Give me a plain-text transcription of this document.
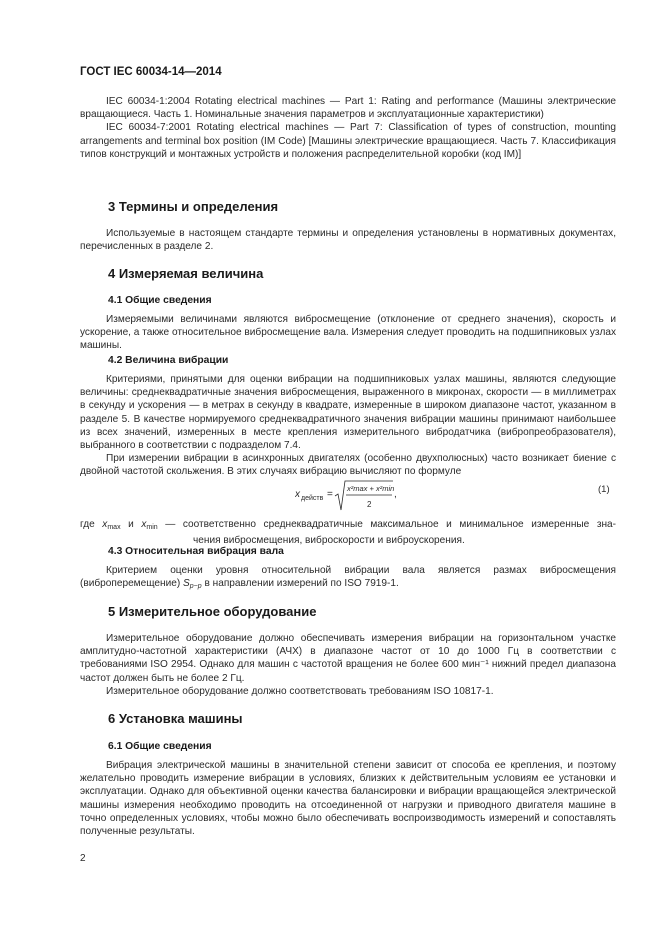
ГОСТ IEC 60034-14—2014

IEC 60034-1:2004 Rotating electrical machines — Part 1: Rating and performance (Машины электрические вращающиеся. Часть 1. Номинальные значения параметров и эксплуатационные характеристики)

IEC 60034-7:2001 Rotating electrical machines — Part 7: Classification of types of construction, mounting arrangements and terminal box position (IM Code) [Машины электрические вращающиеся. Часть 7. Классификация типов конструкций и монтажных устройств и положения распределительной коробки (код IM)]

3 Термины и определения

Используемые в настоящем стандарте термины и определения установлены в нормативных документах, перечисленных в разделе 2.

4 Измеряемая величина
4.1 Общие сведения

Измеряемыми величинами являются виброcмещение (отклонение от среднего значения), скорость и ускорение, а также относительное виброcмещение вала. Измерения следует проводить на подшипниковых узлах машины.

4.2 Величина вибрации

Критериями, принятыми для оценки вибрации на подшипниковых узлах машины, являются следующие величины: среднеквадратичные значения виброcмещения, выраженного в микронах, скорости — в миллиметрах в секунду и ускорения — в метрах в секунду в квадрате, измеренные в широком диапазоне частот, указанном в разделе 5. В качестве нормируемого среднеквадратичного значения вибрации машины принимают наибольшее из всех значений, измеренных в месте крепления измерительного вибродатчика (вибропреобразователя), выбранного в соответствии с подразделом 7.4.

При измерении вибрации в асинхронных двигателях (особенно двухполюсных) часто возникает биение с двойной частотой скольжения. В этих случаях вибрацию вычисляют по формуле

x действ =
x²max + x²min
2
,	(1)
где $x_{max}$ и $x_{min}$ — соответственно среднеквадратичные максимальное и минимальное измеренные зна-
чения виброcмещения, виброскорости и виброускорения.
4.3 Относительная вибрация вала

Критерием оценки уровня относительной вибрации вала является размах виброcмещения (виброперемещение) $S_{p-p}$ в направлении измерений по ISO 7919-1.

5 Измерительное оборудование

Измерительное оборудование должно обеспечивать измерения вибрации на горизонтальном участке амплитудно-частотной характеристики (АЧХ) в диапазоне частот от 10 до 1000 Гц в соответствии с требованиями ISO 2954. Однако для машин с частотой вращения не более 600 мин⁻¹ нижний предел диапазона частот должен быть не более 2 Гц.

Измерительное оборудование должно соответствовать требованиям ISO 10817-1.

6 Установка машины
6.1 Общие сведения

Вибрация электрической машины в значительной степени зависит от способа ее крепления, и поэтому желательно проводить измерение вибрации в условиях, близких к действительным условиям ее установки и эксплуатации. Однако для объективной оценки качества балансировки и вибрации вращающейся электрической машины измерения необходимо проводить на отсоединенной от нагрузки и приводного двигателя машине в точно определенных условиях, чтобы можно было обеспечивать воспроизводимость измерений и сопоставлять полученные результаты.

2
